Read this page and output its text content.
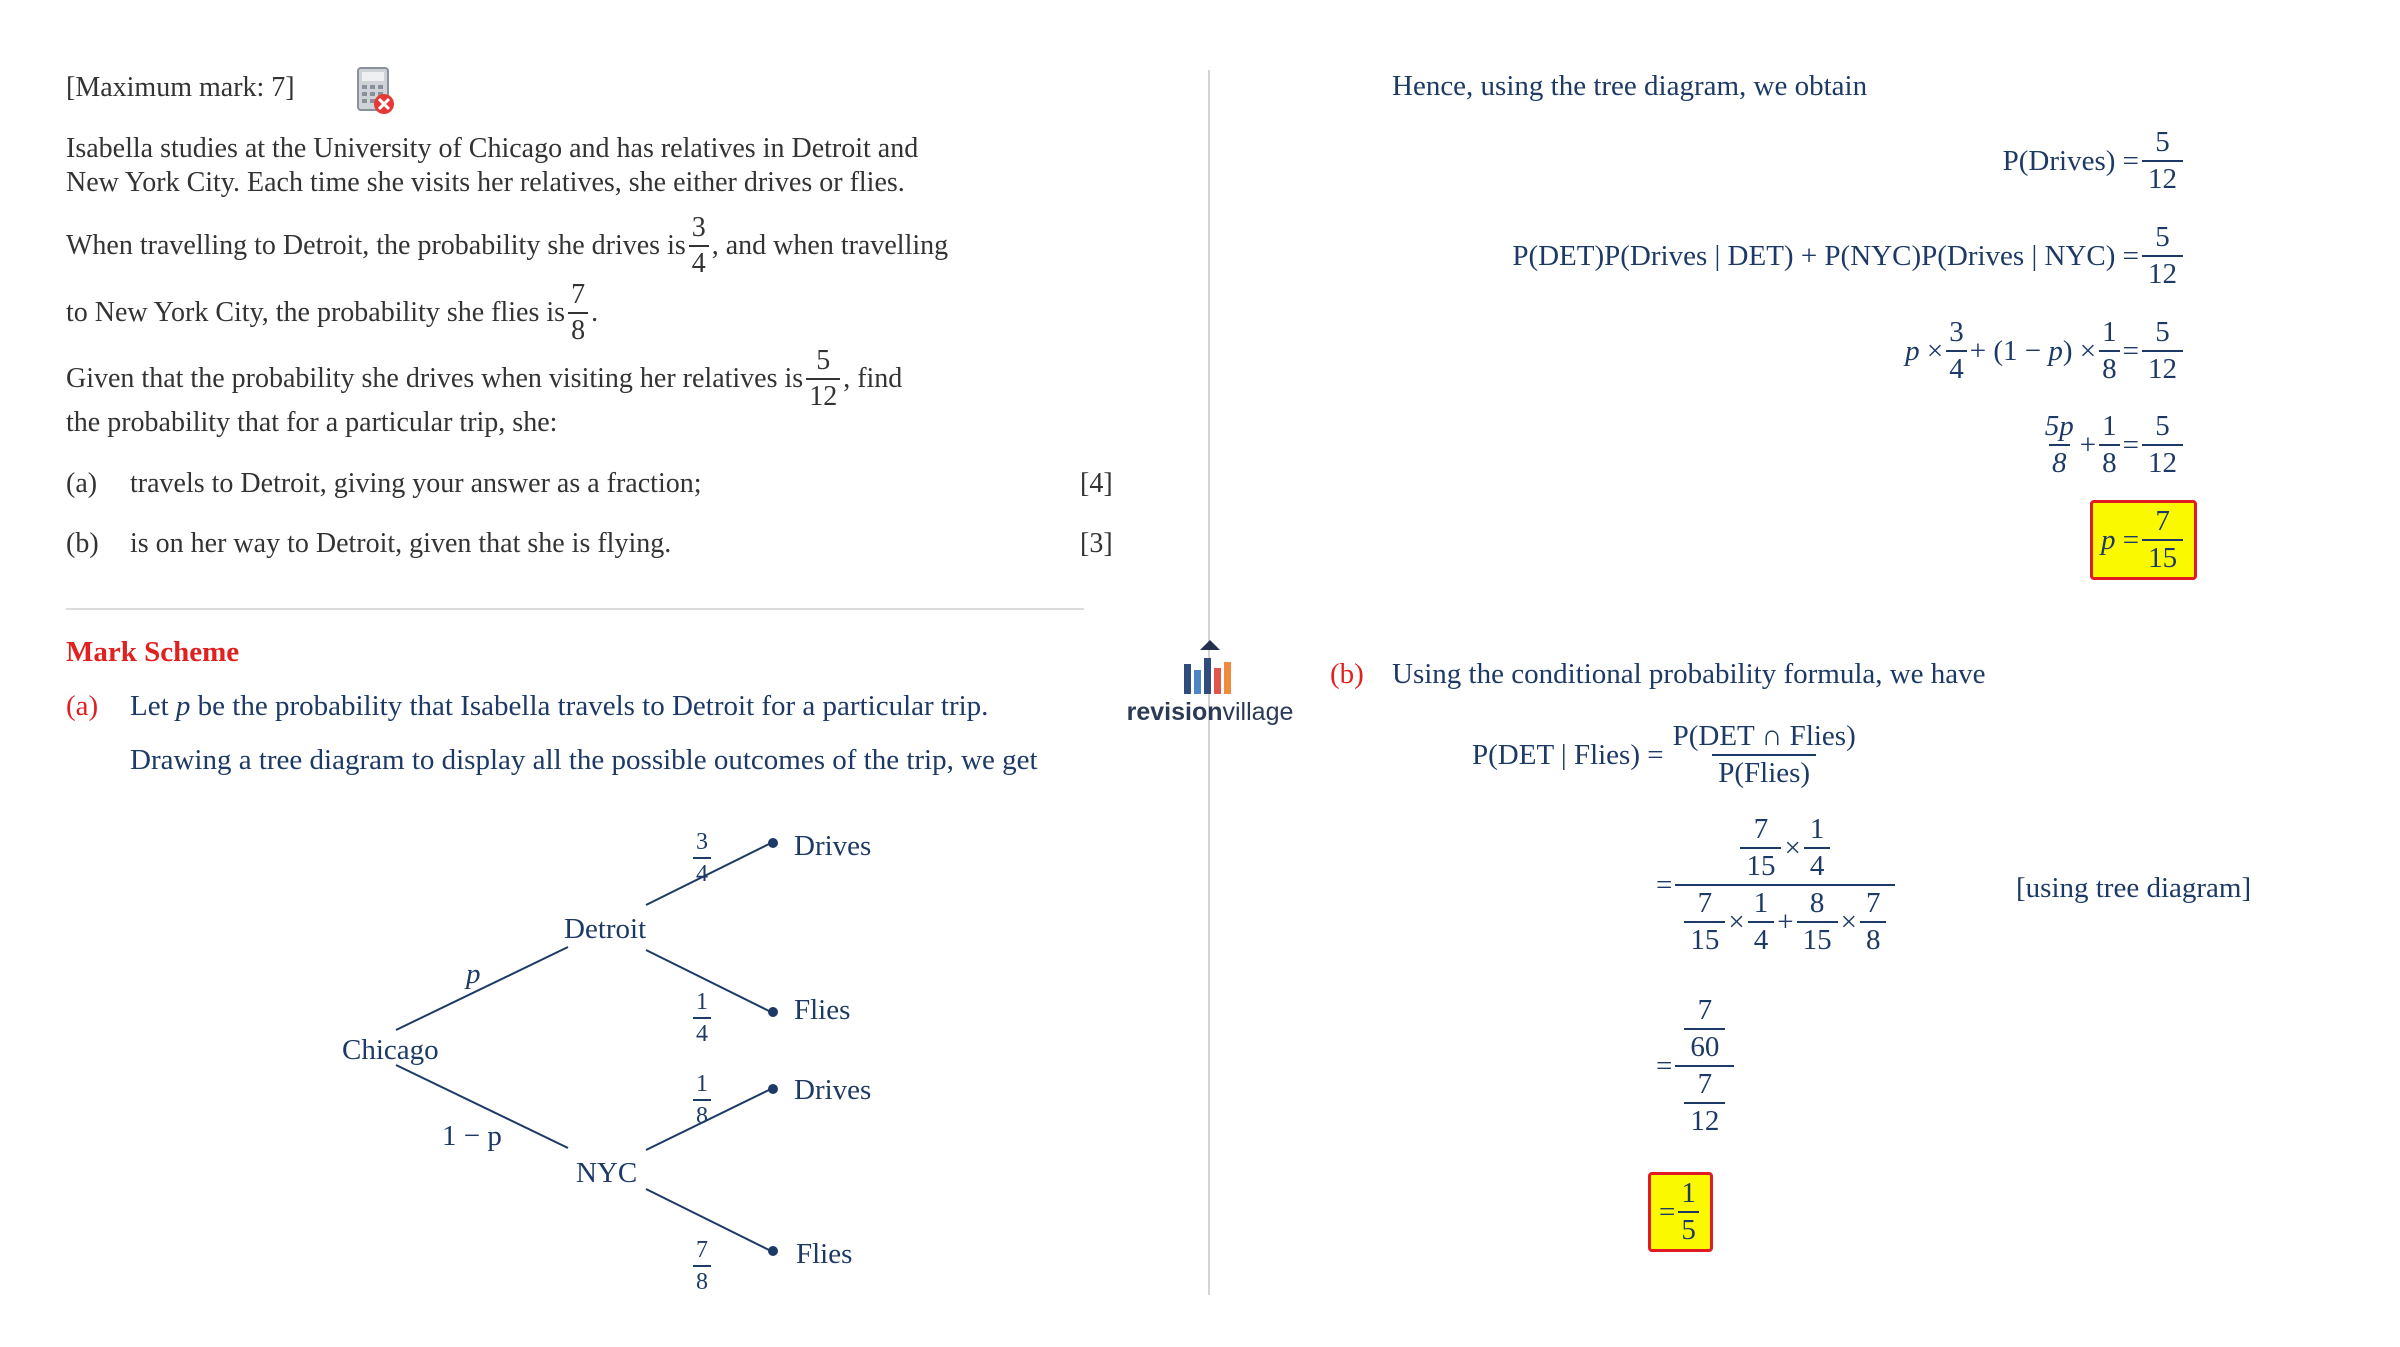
[Maximum mark: 7]
Isabella studies at the University of Chicago and has relatives in Detroit and
New York City. Each time she visits her relatives, she either drives or flies.
When travelling to Detroit, the probability she drives is $\frac{3}{4}$ , and when travelling
to New York City, the probability she flies is $\frac{7}{8}$ .
Given that the probability she drives when visiting her relatives is $\frac{5}{12}$ , find
the probability that for a particular trip, she:
(a) travels to Detroit, giving your answer as a fraction;	[4]
(b) is on her way to Detroit, given that she is flying.	[3]
Mark Scheme
(a) Let p be the probability that Isabella travels to Detroit for a particular trip.
Drawing a tree diagram to display all the possible outcomes of the trip, we get
Chicago
p
1 − p
Detroit
NYC
$\frac{3}{4}$
$\frac{1}{4}$
$\frac{1}{8}$
$\frac{7}{8}$
Drives
Flies
Drives
Flies
revisionvillage
Hence, using the tree diagram, we obtain
P(Drives) = $\frac{5}{12}$
P(DET)P(Drives | DET) + P(NYC)P(Drives | $NYC) = \frac{5}{12}$
p
× $\frac{3}{4} + (1$ −
p ) × $\frac{1}{8} = \frac{5}{12}$
$\frac{5p}{8} + \frac{1}{8} = \frac{5}{12}$
p
= $\frac{7}{15}$
(b) Using the conditional probability formula, we have
P(DET | Flies) = $\frac{\text{P(DET ∩ Flies)}}{\text{P(Flies)}}$
=
$\frac{7}{15} \times \frac{1}{4}$
$\frac{7}{15} \times \frac{1}{4} + \frac{8}{15} \times \frac{7}{8}$
[using tree diagram]
= $\frac{\frac{7}{60}}{\frac{7}{12}}$
= $\frac{1}{5}$
